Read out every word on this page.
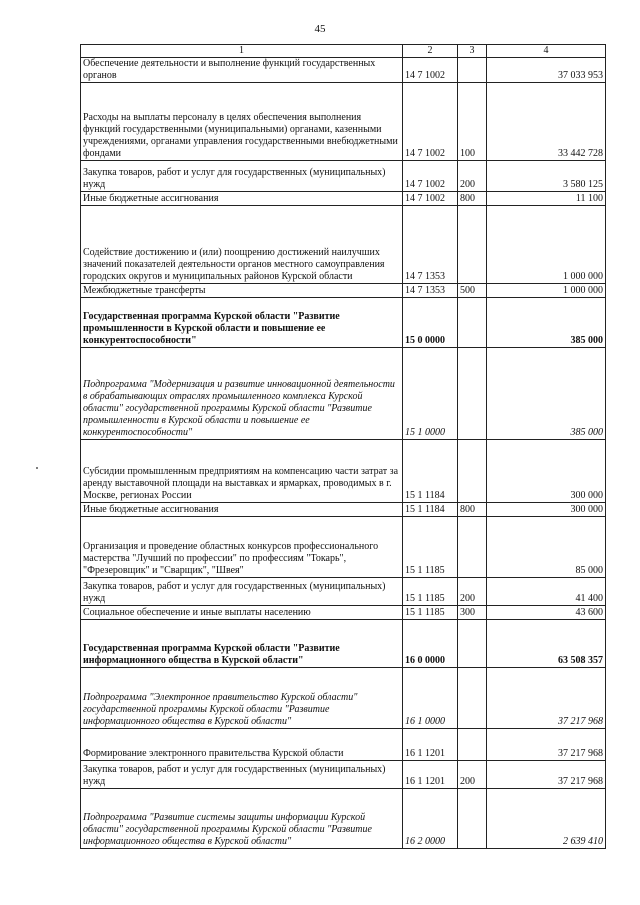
45
1	2	3	4
Обеспечение деятельности и выполнение функций государственных органов	14 7 1002		37 033 953
Расходы на выплаты персоналу в целях обеспечения выполнения функций государственными (муниципальными) органами, казенными учреждениями, органами управления государственными внебюджетными фондами	14 7 1002	100	33 442 728
Закупка товаров, работ и услуг для государственных (муниципальных) нужд	14 7 1002	200	3 580 125
Иные бюджетные ассигнования	14 7 1002	800	11 100
Содействие достижению и (или) поощрению достижений наилучших значений показателей деятельности органов местного самоуправления городских округов и муниципальных районов Курской области	14 7 1353		1 000 000
Межбюджетные трансферты	14 7 1353	500	1 000 000
Государственная программа Курской области "Развитие промышленности в Курской области и повышение ее конкурентоспособности"	15 0 0000		385 000
Подпрограмма "Модернизация и развитие инновационной деятельности в обрабатывающих отраслях промышленного комплекса Курской области" государственной программы Курской области "Развитие промышленности в Курской области и повышение ее конкурентоспособности"	15 1 0000		385 000
Субсидии промышленным предприятиям на компенсацию части затрат за аренду выставочной площади на выставках и ярмарках, проводимых в г. Москве, регионах России	15 1 1184		300 000
Иные бюджетные ассигнования	15 1 1184	800	300 000
Организация и проведение областных конкурсов профессионального мастерства "Лучший по профессии" по профессиям "Токарь", "Фрезеровщик" и "Сварщик", "Швея"	15 1 1185		85 000
Закупка товаров, работ и услуг для государственных (муниципальных) нужд	15 1 1185	200	41 400
Социальное обеспечение и иные выплаты населению	15 1 1185	300	43 600
Государственная программа Курской области "Развитие информационного общества в Курской области"	16 0 0000		63 508 357
Подпрограмма "Электронное правительство Курской области" государственной программы Курской области "Развитие информационного общества в Курской области"	16 1 0000		37 217 968
Формирование электронного правительства Курской области	16 1 1201		37 217 968
Закупка товаров, работ и услуг для государственных (муниципальных) нужд	16 1 1201	200	37 217 968
Подпрограмма "Развитие системы защиты информации Курской области" государственной программы Курской области "Развитие информационного общества в Курской области"	16 2 0000		2 639 410
